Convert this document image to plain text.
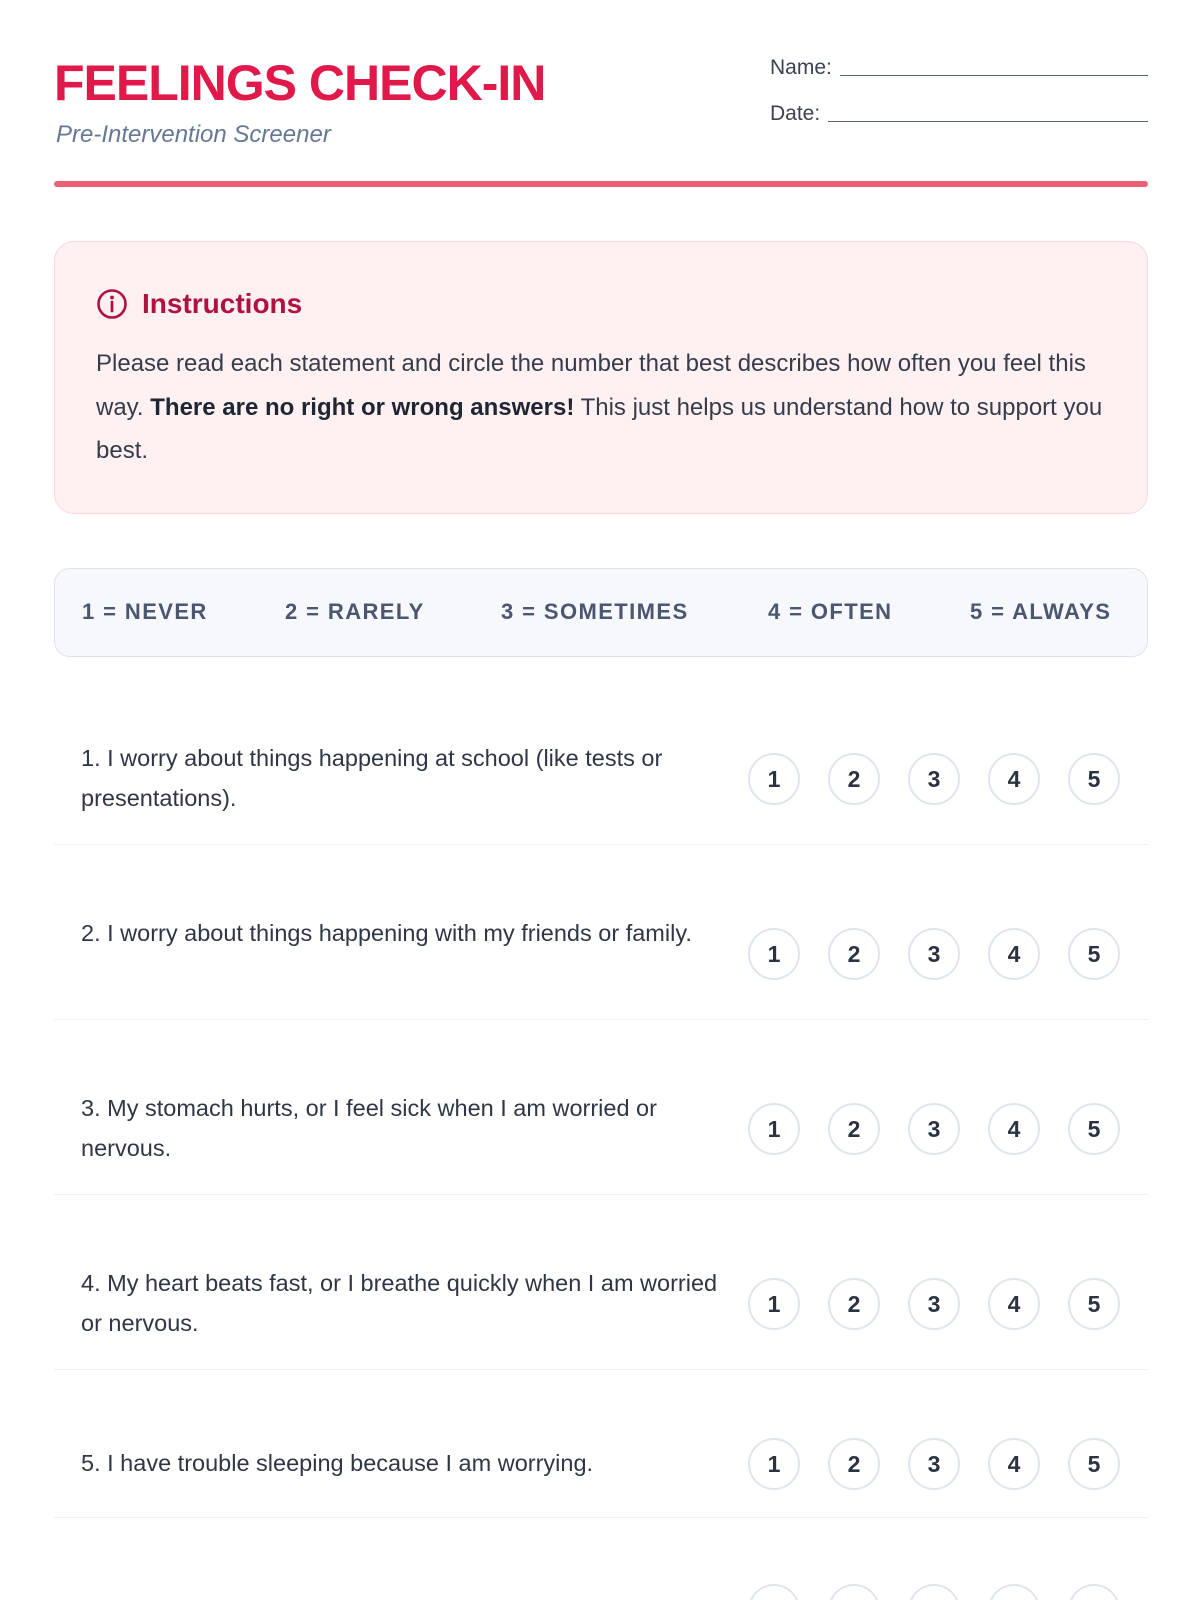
FEELINGS CHECK-IN
Pre-Intervention Screener
Name:
Date:
Instructions
Please read each statement and circle the number that best describes how often you feel this way. There are no right or wrong answers! This just helps us understand how to support you best.
1 = NEVER	2 = RARELY	3 = SOMETIMES	4 = OFTEN	5 = ALWAYS
1. I worry about things happening at school (like tests or presentations).
1	2	3	4	5
2. I worry about things happening with my friends or family.
1	2	3	4	5
3. My stomach hurts, or I feel sick when I am worried or nervous.
1	2	3	4	5
4. My heart beats fast, or I breathe quickly when I am worried or nervous.
1	2	3	4	5
5. I have trouble sleeping because I am worrying.	1	2	3	4	5
